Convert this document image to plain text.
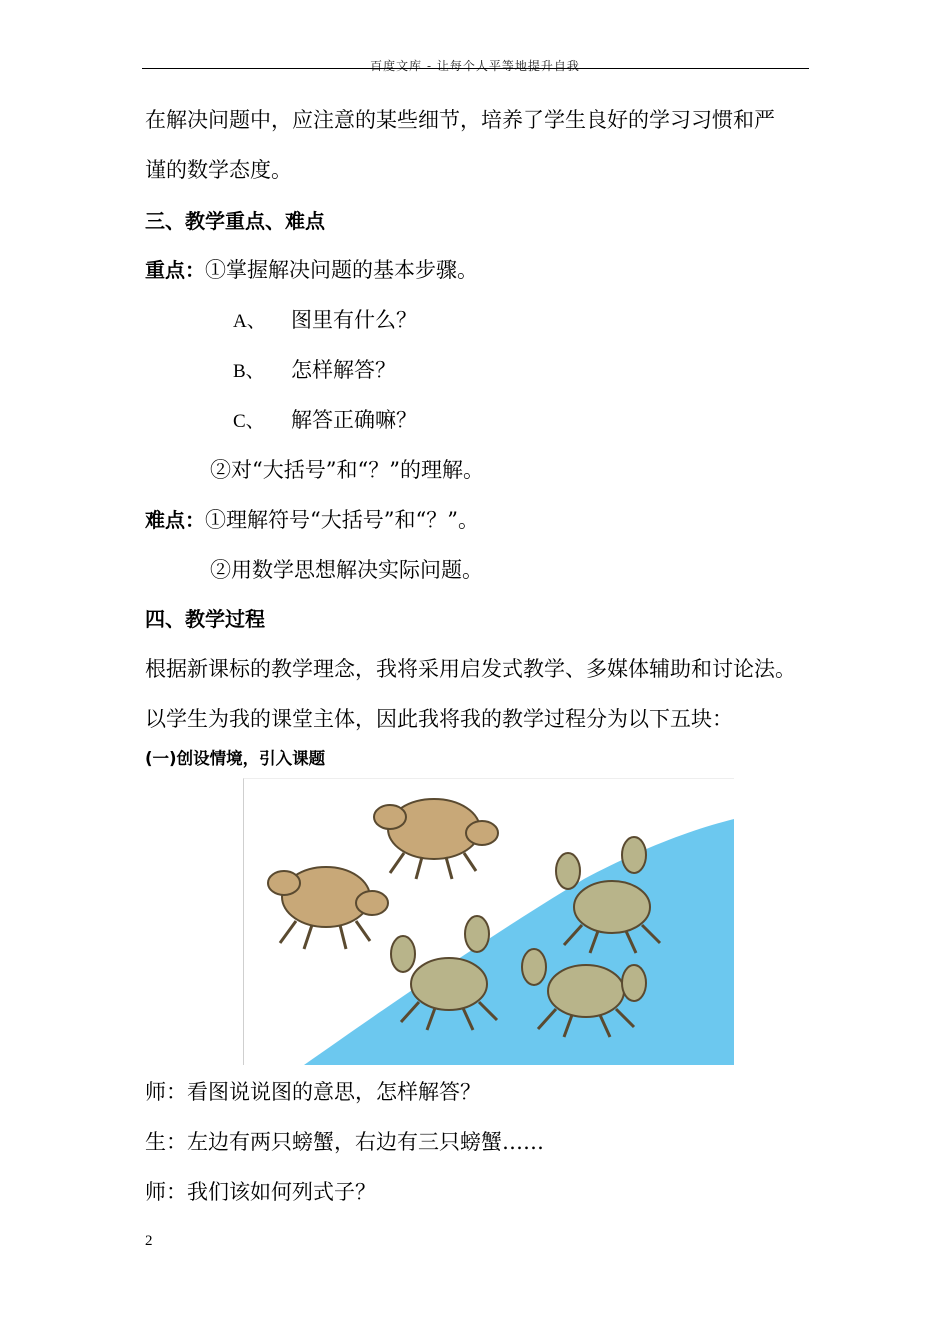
百度文库 - 让每个人平等地提升自我
在解决问题中，应注意的某些细节，培养了学生良好的学习习惯和严
谨的数学态度。
三、教学重点、难点
重点：①掌握解决问题的基本步骤。
A、 图里有什么？
B、 怎样解答？
C、 解答正确嘛？
②对“大括号”和“？”的理解。
难点：①理解符号“大括号”和“？”。
②用数学思想解决实际问题。
四、教学过程
根据新课标的教学理念，我将采用启发式教学、多媒体辅助和讨论法。
以学生为我的课堂主体，因此我将我的教学过程分为以下五块：
(一)创设情境，引入课题
师：看图说说图的意思，怎样解答？
生：左边有两只螃蟹，右边有三只螃蟹……
师：我们该如何列式子？
2
